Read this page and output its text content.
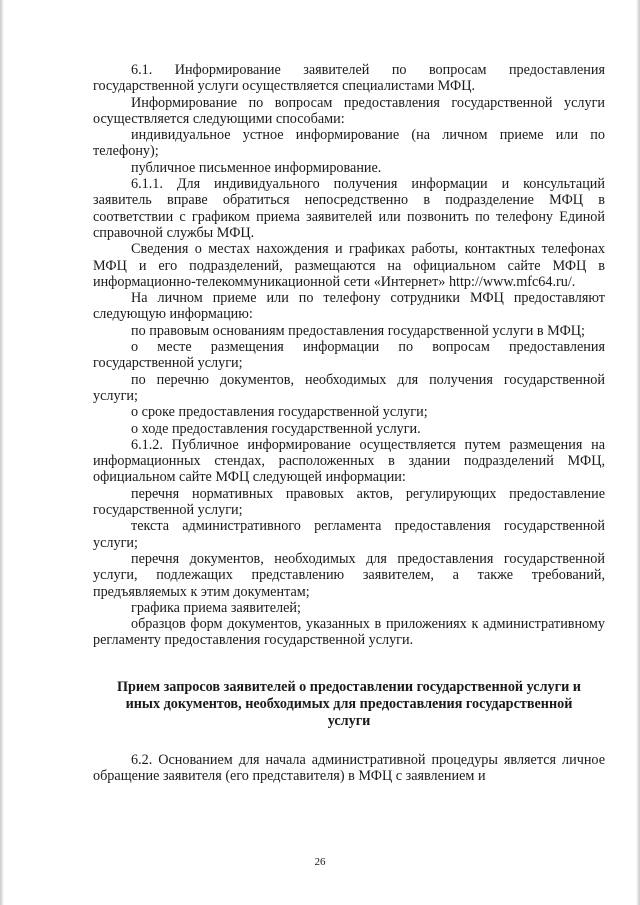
6.1. Информирование заявителей по вопросам предоставления государственной услуги осуществляется специалистами МФЦ.

Информирование по вопросам предоставления государственной услуги осуществляется следующими способами:

индивидуальное устное информирование (на личном приеме или по телефону);

публичное письменное информирование.

6.1.1. Для индивидуального получения информации и консультаций заявитель вправе обратиться непосредственно в подразделение МФЦ в соответствии с графиком приема заявителей или позвонить по телефону Единой справочной службы МФЦ.

Сведения о местах нахождения и графиках работы, контактных телефонах МФЦ и его подразделений, размещаются на официальном сайте МФЦ в информационно-телекоммуникационной сети «Интернет» http://www.mfc64.ru/.

На личном приеме или по телефону сотрудники МФЦ предоставляют следующую информацию:

по правовым основаниям предоставления государственной услуги в МФЦ;

о месте размещения информации по вопросам предоставления государственной услуги;

по перечню документов, необходимых для получения государственной услуги;

о сроке предоставления государственной услуги;

о ходе предоставления государственной услуги.

6.1.2. Публичное информирование осуществляется путем размещения на информационных стендах, расположенных в здании подразделений МФЦ, официальном сайте МФЦ следующей информации:

перечня нормативных правовых актов, регулирующих предоставление государственной услуги;

текста административного регламента предоставления государственной услуги;

перечня документов, необходимых для предоставления государственной услуги, подлежащих представлению заявителем, а также требований, предъявляемых к этим документам;

графика приема заявителей;

образцов форм документов, указанных в приложениях к административному регламенту предоставления государственной услуги.

Прием запросов заявителей о предоставлении государственной услуги и иных документов, необходимых для предоставления государственной услуги

6.2. Основанием для начала административной процедуры является личное обращение заявителя (его представителя) в МФЦ с заявлением и

26
